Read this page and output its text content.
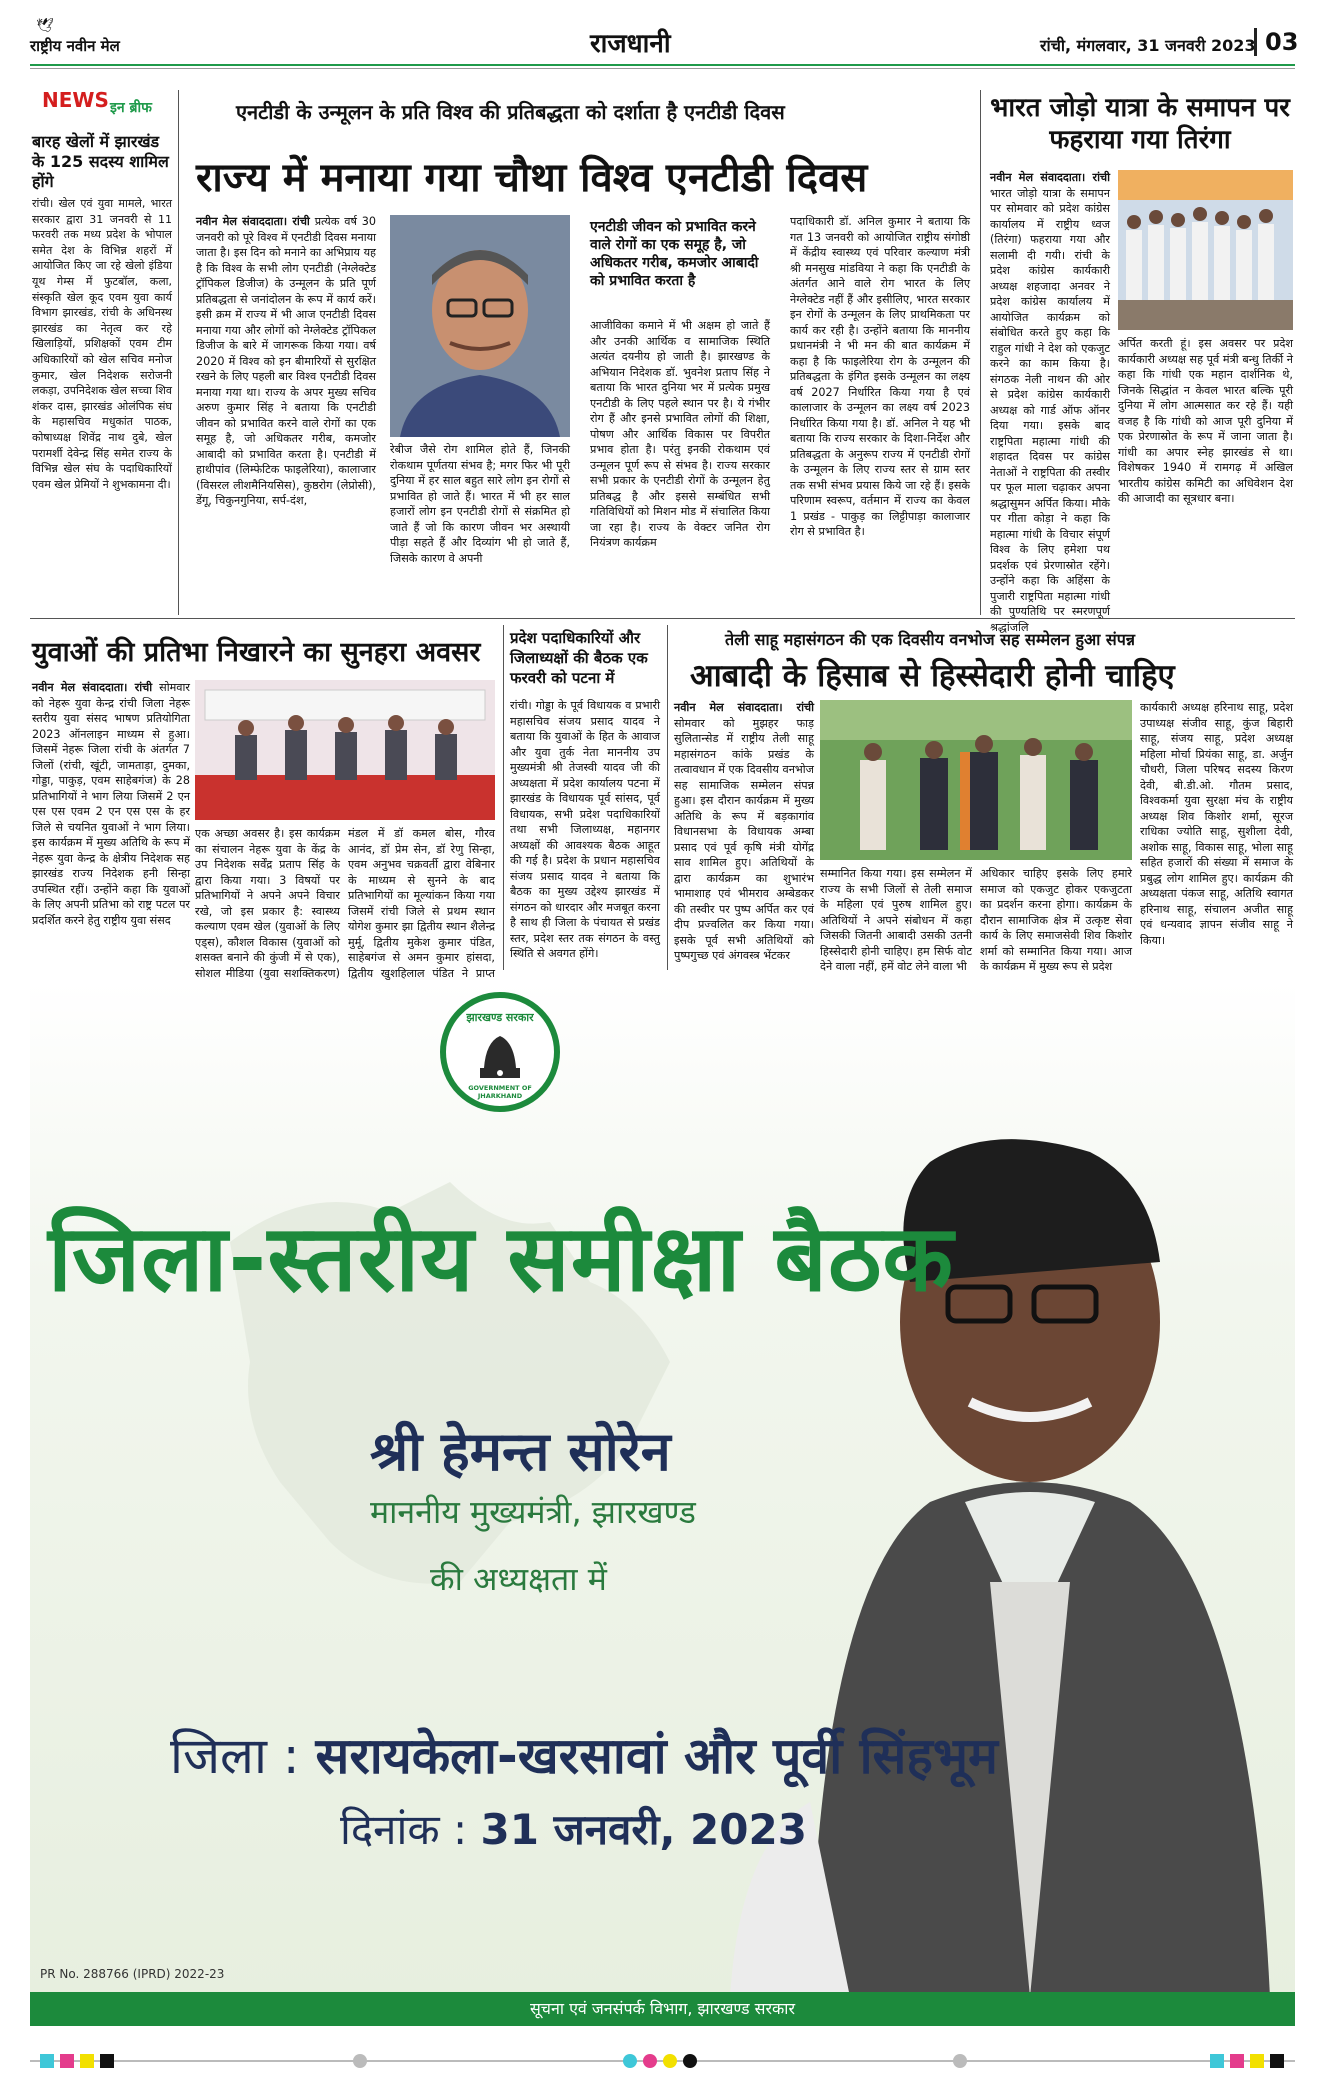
🕊
राष्ट्रीय नवीन मेल	राजधानी	रांची, मंगलवार, 31 जनवरी 2023 03
NEWS इन ब्रीफ
बारह खेलों में झारखंड के 125 सदस्य शामिल होंगे
रांची। खेल एवं युवा मामले, भारत सरकार द्वारा 31 जनवरी से 11 फरवरी तक मध्य प्रदेश के भोपाल समेत देश के विभिन्न शहरों में आयोजित किए जा रहे खेलो इंडिया यूथ गेम्स में फुटबॉल, कला, संस्कृति खेल कूद एवम युवा कार्य विभाग झारखंड, रांची के अधिनस्थ झारखंड का नेतृत्व कर रहे खिलाड़ियों, प्रशिक्षकों एवम टीम अधिकारियों को खेल सचिव मनोज कुमार, खेल निदेशक सरोजनी लकड़ा, उपनिदेशक खेल सच्चा शिव शंकर दास, झारखंड ओलंपिक संघ के महासचिव मधुकांत पाठक, कोषाध्यक्ष शिवेंद्र नाथ दुबे, खेल परामर्शी देवेन्द्र सिंह समेत राज्य के विभिन्न खेल संघ के पदाधिकारियों एवम खेल प्रेमियों ने शुभकामना दी।
एनटीडी के उन्मूलन के प्रति विश्व की प्रतिबद्धता को दर्शाता है एनटीडी दिवस
राज्य में मनाया गया चौथा विश्व एनटीडी दिवस
नवीन मेल संवाददाता। रांची प्रत्येक वर्ष 30 जनवरी को पूरे विश्व में एनटीडी दिवस मनाया जाता है। इस दिन को मनाने का अभिप्राय यह है कि विश्व के सभी लोग एनटीडी (नेग्लेक्टेड ट्रॉपिकल डिजीज) के उन्मूलन के प्रति पूर्ण प्रतिबद्धता से जनांदोलन के रूप में कार्य करें। इसी क्रम में राज्य में भी आज एनटीडी दिवस मनाया गया और लोगों को नेग्लेक्टेड ट्रॉपिकल डिजीज के बारे में जागरूक किया गया। वर्ष 2020 में विश्व को इन बीमारियों से सुरक्षित रखने के लिए पहली बार विश्व एनटीडी दिवस मनाया गया था। राज्य के अपर मुख्य सचिव अरुण कुमार सिंह ने बताया कि एनटीडी जीवन को प्रभावित करने वाले रोगों का एक समूह है, जो अधिकतर गरीब, कमजोर आबादी को प्रभावित करता है। एनटीडी में हाथीपांव (लिम्फेटिक फाइलेरिया), कालाजार (विसरल लीशमैनियसिस), कुष्ठरोग (लेप्रोसी), डेंगू, चिकुनगुनिया, सर्प-दंश,
रेबीज जैसे रोग शामिल होते हैं, जिनकी रोकथाम पूर्णतया संभव है; मगर फिर भी पूरी दुनिया में हर साल बहुत सारे लोग इन रोगों से प्रभावित हो जाते हैं। भारत में भी हर साल हजारों लोग इन एनटीडी रोगों से संक्रमित हो जाते हैं जो कि कारण जीवन भर अस्थायी पीड़ा सहते हैं और दिव्यांग भी हो जाते हैं, जिसके कारण वे अपनी
एनटीडी जीवन को प्रभावित करने वाले रोगों का एक समूह है, जो अधिकतर गरीब, कमजोर आबादी को प्रभावित करता है
आजीविका कमाने में भी अक्षम हो जाते हैं और उनकी आर्थिक व सामाजिक स्थिति अत्यंत दयनीय हो जाती है। झारखण्ड के अभियान निदेशक डॉ. भुवनेश प्रताप सिंह ने बताया कि भारत दुनिया भर में प्रत्येक प्रमुख एनटीडी के लिए पहले स्थान पर है। ये गंभीर रोग हैं और इनसे प्रभावित लोगों की शिक्षा, पोषण और आर्थिक विकास पर विपरीत प्रभाव होता है। परंतु इनकी रोकथाम एवं उन्मूलन पूर्ण रूप से संभव है। राज्य सरकार सभी प्रकार के एनटीडी रोगों के उन्मूलन हेतु प्रतिबद्ध है और इससे सम्बंधित सभी गतिविधियों को मिशन मोड में संचालित किया जा रहा है। राज्य के वेक्टर जनित रोग नियंत्रण कार्यक्रम
पदाधिकारी डॉ. अनिल कुमार ने बताया कि गत 13 जनवरी को आयोजित राष्ट्रीय संगोष्ठी में केंद्रीय स्वास्थ्य एवं परिवार कल्याण मंत्री श्री मनसुख मांडविया ने कहा कि एनटीडी के अंतर्गत आने वाले रोग भारत के लिए नेग्लेक्टेड नहीं हैं और इसीलिए, भारत सरकार इन रोगों के उन्मूलन के लिए प्राथमिकता पर कार्य कर रही है। उन्होंने बताया कि माननीय प्रधानमंत्री ने भी मन की बात कार्यक्रम में कहा है कि फाइलेरिया रोग के उन्मूलन की प्रतिबद्धता के इंगित इसके उन्मूलन का लक्ष्य वर्ष 2027 निर्धारित किया गया है एवं कालाजार के उन्मूलन का लक्ष्य वर्ष 2023 निर्धारित किया गया है। डॉ. अनिल ने यह भी बताया कि राज्य सरकार के दिशा-निर्देश और प्रतिबद्धता के अनुरूप राज्य में एनटीडी रोगों के उन्मूलन के लिए राज्य स्तर से ग्राम स्तर तक सभी संभव प्रयास किये जा रहे हैं। इसके परिणाम स्वरूप, वर्तमान में राज्य का केवल 1 प्रखंड - पाकुड़ का लिट्टीपाड़ा कालाजार रोग से प्रभावित है।
भारत जोड़ो यात्रा के समापन पर फहराया गया तिरंगा
नवीन मेल संवाददाता। रांची भारत जोड़ो यात्रा के समापन पर सोमवार को प्रदेश कांग्रेस कार्यालय में राष्ट्रीय ध्वज (तिरंगा) फहराया गया और सलामी दी गयी। रांची के प्रदेश कांग्रेस कार्यकारी अध्यक्ष शहजादा अनवर ने प्रदेश कांग्रेस कार्यालय में आयोजित कार्यक्रम को संबोधित करते हुए कहा कि राहुल गांधी ने देश को एकजुट करने का काम किया है। संगठक नेली नाथन की ओर से प्रदेश कांग्रेस कार्यकारी अध्यक्ष को गार्ड ऑफ ऑनर दिया गया। इसके बाद राष्ट्रपिता महात्मा गांधी की शहादत दिवस पर कांग्रेस नेताओं ने राष्ट्रपिता की तस्वीर पर फूल माला चढ़ाकर अपना श्रद्धासुमन अर्पित किया। मौके पर गीता कोड़ा ने कहा कि महात्मा गांधी के विचार संपूर्ण विश्व के लिए हमेशा पथ प्रदर्शक एवं प्रेरणास्रोत रहेंगे। उन्होंने कहा कि अहिंसा के पुजारी राष्ट्रपिता महात्मा गांधी की पुण्यतिथि पर स्मरणपूर्ण श्रद्धांजलि
अर्पित करती हूं। इस अवसर पर प्रदेश कार्यकारी अध्यक्ष सह पूर्व मंत्री बन्धु तिर्की ने कहा कि गांधी एक महान दार्शनिक थे, जिनके सिद्धांत न केवल भारत बल्कि पूरी दुनिया में लोग आत्मसात कर रहे हैं। यही वजह है कि गांधी को आज पूरी दुनिया में एक प्रेरणास्रोत के रूप में जाना जाता है। गांधी का अपार स्नेह झारखंड से था। विशेषकर 1940 में रामगढ़ में अखिल भारतीय कांग्रेस कमिटी का अधिवेशन देश की आजादी का सूत्रधार बना।
युवाओं की प्रतिभा निखारने का सुनहरा अवसर
नवीन मेल संवाददाता। रांची सोमवार को नेहरू युवा केन्द्र रांची जिला नेहरू स्तरीय युवा संसद भाषण प्रतियोगिता 2023 ऑनलाइन माध्यम से हुआ। जिसमें नेहरू जिला रांची के अंतर्गत 7 जिलों (रांची, खूंटी, जामताड़ा, दुमका, गोड्डा, पाकुड़, एवम साहेबगंज) के 28 प्रतिभागियों ने भाग लिया जिसमें 2 एन एस एस एवम 2 एन एस एस के हर जिले से चयनित युवाओं ने भाग लिया। इस कार्यक्रम में मुख्य अतिथि के रूप में नेहरू युवा केन्द्र के क्षेत्रीय निदेशक सह झारखंड राज्य निदेशक हनी सिन्हा उपस्थित रहीं। उन्होंने कहा कि युवाओं के लिए अपनी प्रतिभा को राष्ट्र पटल पर प्रदर्शित करने हेतु राष्ट्रीय युवा संसद
एक अच्छा अवसर है। इस कार्यक्रम का संचालन नेहरू युवा के केंद्र के उप निदेशक सर्वेंद्र प्रताप सिंह के द्वारा किया गया। 3 विषयों पर प्रतिभागियों ने अपने अपने विचार रखे, जो इस प्रकार है: स्वास्थ्य कल्याण एवम खेल (युवाओं के लिए एड्स), कौशल विकास (युवाओं को शसक्त बनाने की कुंजी में से एक), सोशल मीडिया (युवा सशक्तिकरण)
मंडल में डॉ कमल बोस, गौरव आनंद, डॉ प्रेम सेन, डॉ रेणु सिन्हा, एवम अनुभव चक्रवर्ती द्वारा वेबिनार के माध्यम से सुनने के बाद प्रतिभागियों का मूल्यांकन किया गया जिसमें रांची जिले से प्रथम स्थान योगेश कुमार झा द्वितीय स्थान शैलेन्द्र मुर्मू, द्वितीय मुकेश कुमार पंडित, साहेबगंज से अमन कुमार हांसदा, द्वितीय खुशहिलाल पंडित ने प्राप्त
प्रदेश पदाधिकारियों और जिलाध्यक्षों की बैठक एक फरवरी को पटना में
रांची। गोड्डा के पूर्व विधायक व प्रभारी महासचिव संजय प्रसाद यादव ने बताया कि युवाओं के हित के आवाज और युवा तुर्क नेता माननीय उप मुख्यमंत्री श्री तेजस्वी यादव जी की अध्यक्षता में प्रदेश कार्यालय पटना में झारखंड के विधायक पूर्व सांसद, पूर्व विधायक, सभी प्रदेश पदाधिकारियों तथा सभी जिलाध्यक्ष, महानगर अध्यक्षों की आवश्यक बैठक आहूत की गई है। प्रदेश के प्रधान महासचिव संजय प्रसाद यादव ने बताया कि बैठक का मुख्य उद्देश्य झारखंड में संगठन को धारदार और मजबूत करना है साथ ही जिला के पंचायत से प्रखंड स्तर, प्रदेश स्तर तक संगठन के वस्तु स्थिति से अवगत होंगे।
तेली साहू महासंगठन की एक दिवसीय वनभोज सह सम्मेलन हुआ संपन्न
आबादी के हिसाब से हिस्सेदारी होनी चाहिए
नवीन मेल संवाददाता। रांची सोमवार को मुझहर फाड़ सुलितान्सेड में राष्ट्रीय तेली साहू महासंगठन कांके प्रखंड के तत्वावधान में एक दिवसीय वनभोज सह सामाजिक सम्मेलन संपन्न हुआ। इस दौरान कार्यक्रम में मुख्य अतिथि के रूप में बड़कागांव विधानसभा के विधायक अम्बा प्रसाद एवं पूर्व कृषि मंत्री योगेंद्र साव शामिल हुए। अतिथियों के द्वारा कार्यक्रम का शुभारंभ भामाशाह एवं भीमराव अम्बेडकर की तस्वीर पर पुष्प अर्पित कर एवं दीप प्रज्वलित कर किया गया। इसके पूर्व सभी अतिथियों को पुष्पगुच्छ एवं अंगवस्त्र भेंटकर
सम्मानित किया गया। इस सम्मेलन में राज्य के सभी जिलों से तेली समाज के महिला एवं पुरुष शामिल हुए। अतिथियों ने अपने संबोधन में कहा जिसकी जितनी आबादी उसकी उतनी हिस्सेदारी होनी चाहिए। हम सिर्फ वोट देने वाला नहीं, हमें वोट लेने वाला भी
अधिकार चाहिए इसके लिए हमारे समाज को एकजुट होकर एकजुटता का प्रदर्शन करना होगा। कार्यक्रम के दौरान सामाजिक क्षेत्र में उत्कृष्ट सेवा कार्य के लिए समाजसेवी शिव किशोर शर्मा को सम्मानित किया गया। आज के कार्यक्रम में मुख्य रूप से प्रदेश
कार्यकारी अध्यक्ष हरिनाथ साहू, प्रदेश उपाध्यक्ष संजीव साहू, कुंज बिहारी साहू, संजय साहू, प्रदेश अध्यक्ष महिला मोर्चा प्रियंका साहू, डा. अर्जुन चौधरी, जिला परिषद सदस्य किरण देवी, बी.डी.ओ. गौतम प्रसाद, विश्वकर्मा युवा सुरक्षा मंच के राष्ट्रीय अध्यक्ष शिव किशोर शर्मा, सूरज राधिका ज्योति साहू, सुशीला देवी, अशोक साहू, विकास साहू, भोला साहू सहित हजारों की संख्या में समाज के प्रबुद्ध लोग शामिल हुए। कार्यक्रम की अध्यक्षता पंकज साहू, अतिथि स्वागत हरिनाथ साहू, संचालन अजीत साहू एवं धन्यवाद ज्ञापन संजीव साहू ने किया।
झारखण्ड सरकार
GOVERNMENT OF JHARKHAND
जिला-स्तरीय समीक्षा बैठक
श्री हेमन्त सोरेन
माननीय मुख्यमंत्री, झारखण्ड
की अध्यक्षता में
जिला : सरायकेला-खरसावां और पूर्वी सिंहभूम
दिनांक : 31 जनवरी, 2023
PR No. 288766 (IPRD) 2022-23
सूचना एवं जनसंपर्क विभाग, झारखण्ड सरकार
